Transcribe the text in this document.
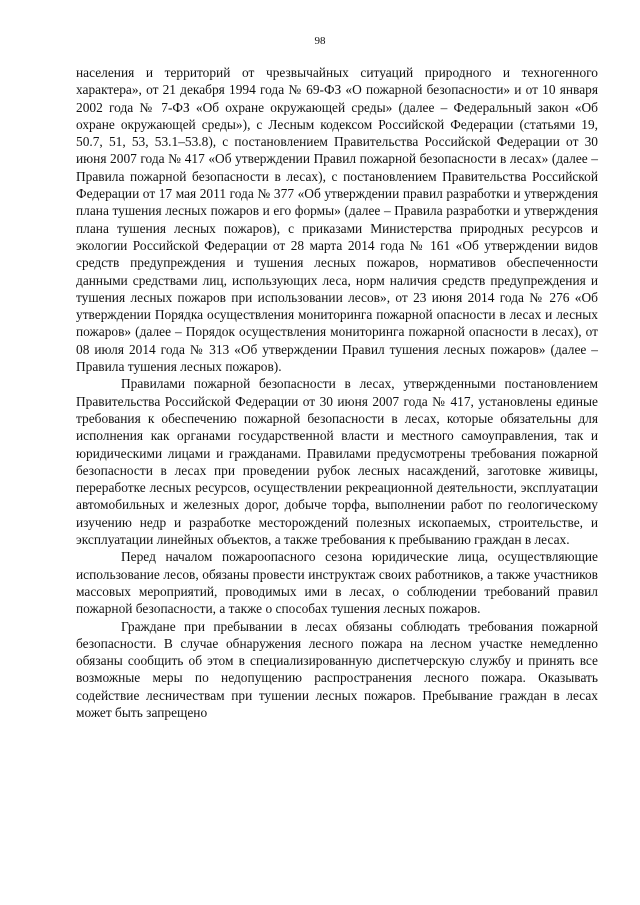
98

населения и территорий от чрезвычайных ситуаций природного и техногенного характера», от 21 декабря 1994 года № 69-ФЗ «О пожарной безопасности» и от 10 января 2002 года № 7-ФЗ «Об охране окружающей среды» (далее – Федеральный закон «Об охране окружающей среды»), с Лесным кодексом Российской Федерации (статьями 19, 50.7, 51, 53, 53.1–53.8), с постановлением Правительства Российской Федерации от 30 июня 2007 года № 417 «Об утверждении Правил пожарной безопасности в лесах» (далее – Правила пожарной безопасности в лесах), с постановлением Правительства Российской Федерации от 17 мая 2011 года № 377 «Об утверждении правил разработки и утверждения плана тушения лесных пожаров и его формы» (далее – Правила разработки и утверждения плана тушения лесных пожаров), с приказами Министерства природных ресурсов и экологии Российской Федерации от 28 марта 2014 года № 161 «Об утверждении видов средств предупреждения и тушения лесных пожаров, нормативов обеспеченности данными средствами лиц, использующих леса, норм наличия средств предупреждения и тушения лесных пожаров при использовании лесов», от 23 июня 2014 года № 276 «Об утверждении Порядка осуществления мониторинга пожарной опасности в лесах и лесных пожаров» (далее – Порядок осуществления мониторинга пожарной опасности в лесах), от 08 июля 2014 года № 313 «Об утверждении Правил тушения лесных пожаров» (далее – Правила тушения лесных пожаров).

Правилами пожарной безопасности в лесах, утвержденными постановлением Правительства Российской Федерации от 30 июня 2007 года № 417, установлены единые требования к обеспечению пожарной безопасности в лесах, которые обязательны для исполнения как органами государственной власти и местного самоуправления, так и юридическими лицами и гражданами. Правилами предусмотрены требования пожарной безопасности в лесах при проведении рубок лесных насаждений, заготовке живицы, переработке лесных ресурсов, осуществлении рекреационной деятельности, эксплуатации автомобильных и железных дорог, добыче торфа, выполнении работ по геологическому изучению недр и разработке месторождений полезных ископаемых, строительстве, и эксплуатации линейных объектов, а также требования к пребыванию граждан в лесах.

Перед началом пожароопасного сезона юридические лица, осуществляющие использование лесов, обязаны провести инструктаж своих работников, а также участников массовых мероприятий, проводимых ими в лесах, о соблюдении требований правил пожарной безопасности, а также о способах тушения лесных пожаров.

Граждане при пребывании в лесах обязаны соблюдать требования пожарной безопасности. В случае обнаружения лесного пожара на лесном участке немедленно обязаны сообщить об этом в специализированную диспетчерскую службу и принять все возможные меры по недопущению распространения лесного пожара. Оказывать содействие лесничествам при тушении лесных пожаров. Пребывание граждан в лесах может быть запрещено
